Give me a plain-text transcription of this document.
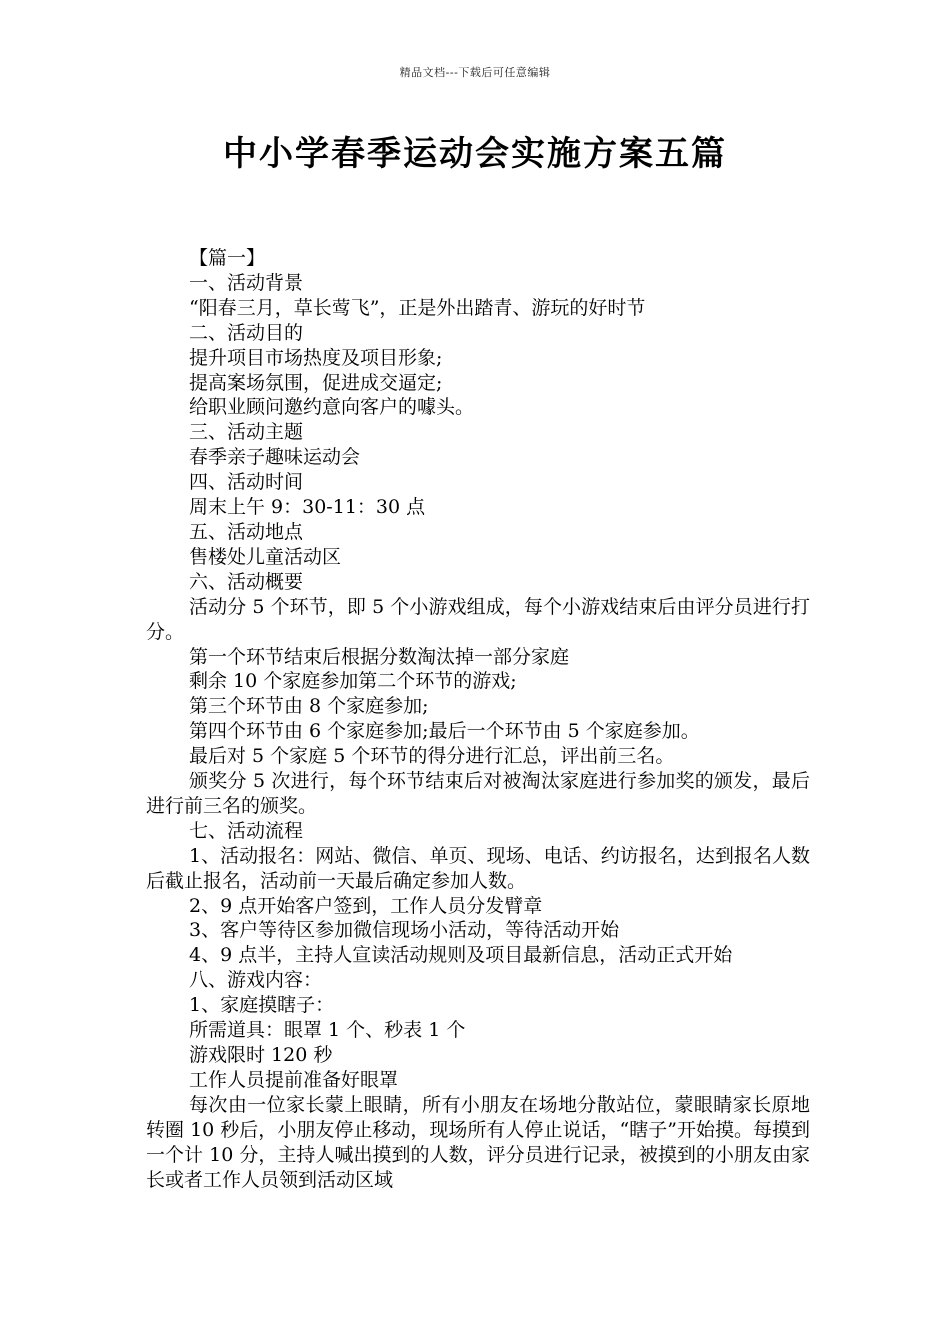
精品文档---下载后可任意编辑
中小学春季运动会实施方案五篇
【篇一】
一、活动背景
“阳春三月，草长莺飞”，正是外出踏青、游玩的好时节
二、活动目的
提升项目市场热度及项目形象;
提高案场氛围，促进成交逼定;
给职业顾问邀约意向客户的噱头。
三、活动主题
春季亲子趣味运动会
四、活动时间
周末上午 9：30-11：30 点
五、活动地点
售楼处儿童活动区
六、活动概要
活动分 5 个环节，即 5 个小游戏组成，每个小游戏结束后由评分员进行打分。
第一个环节结束后根据分数淘汰掉一部分家庭
剩余 10 个家庭参加第二个环节的游戏;
第三个环节由 8 个家庭参加;
第四个环节由 6 个家庭参加;最后一个环节由 5 个家庭参加。
最后对 5 个家庭 5 个环节的得分进行汇总，评出前三名。
颁奖分 5 次进行，每个环节结束后对被淘汰家庭进行参加奖的颁发，最后进行前三名的颁奖。
七、活动流程
1、活动报名：网站、微信、单页、现场、电话、约访报名，达到报名人数后截止报名，活动前一天最后确定参加人数。
2、9 点开始客户签到，工作人员分发臂章
3、客户等待区参加微信现场小活动，等待活动开始
4、9 点半，主持人宣读活动规则及项目最新信息，活动正式开始
八、游戏内容：
1、家庭摸瞎子：
所需道具：眼罩 1 个、秒表 1 个
游戏限时 120 秒
工作人员提前准备好眼罩
每次由一位家长蒙上眼睛，所有小朋友在场地分散站位，蒙眼睛家长原地转圈 10 秒后，小朋友停止移动，现场所有人停止说话，“瞎子”开始摸。每摸到一个计 10 分，主持人喊出摸到的人数，评分员进行记录，被摸到的小朋友由家长或者工作人员领到活动区域
